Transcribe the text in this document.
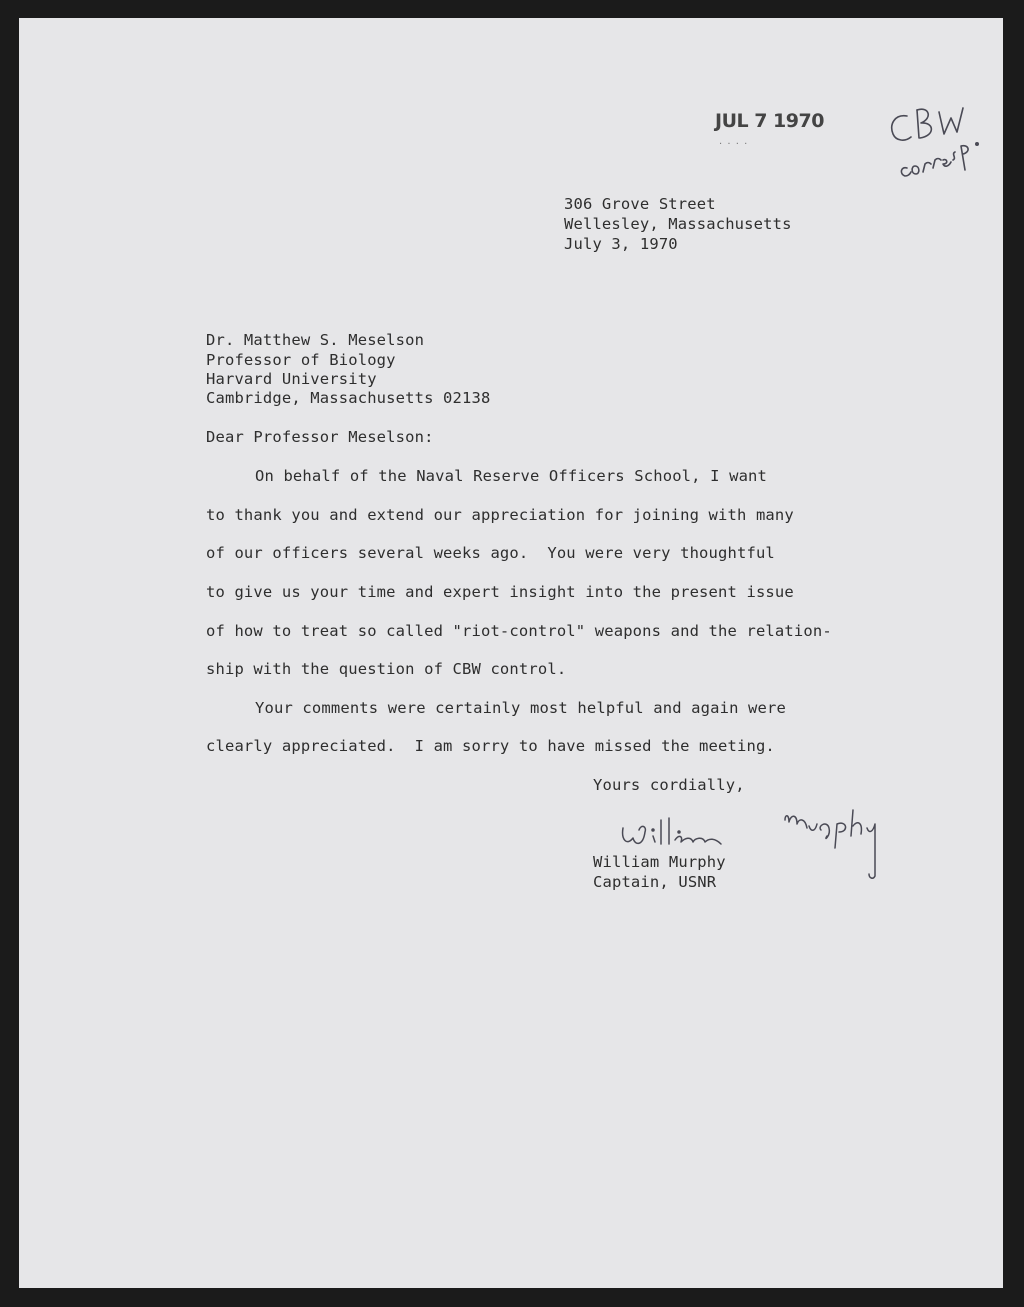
JUL 7 1970
. . . .
306 Grove Street
Wellesley, Massachusetts
July 3, 1970
Dr. Matthew S. Meselson
Professor of Biology
Harvard University
Cambridge, Massachusetts 02138
Dear Professor Meselson:
On behalf of the Naval Reserve Officers School, I want
to thank you and extend our appreciation for joining with many
of our officers several weeks ago.  You were very thoughtful
to give us your time and expert insight into the present issue
of how to treat so called "riot-control" weapons and the relation-
ship with the question of CBW control.
Your comments were certainly most helpful and again were
clearly appreciated.  I am sorry to have missed the meeting.
Yours cordially,
William Murphy
Captain, USNR
